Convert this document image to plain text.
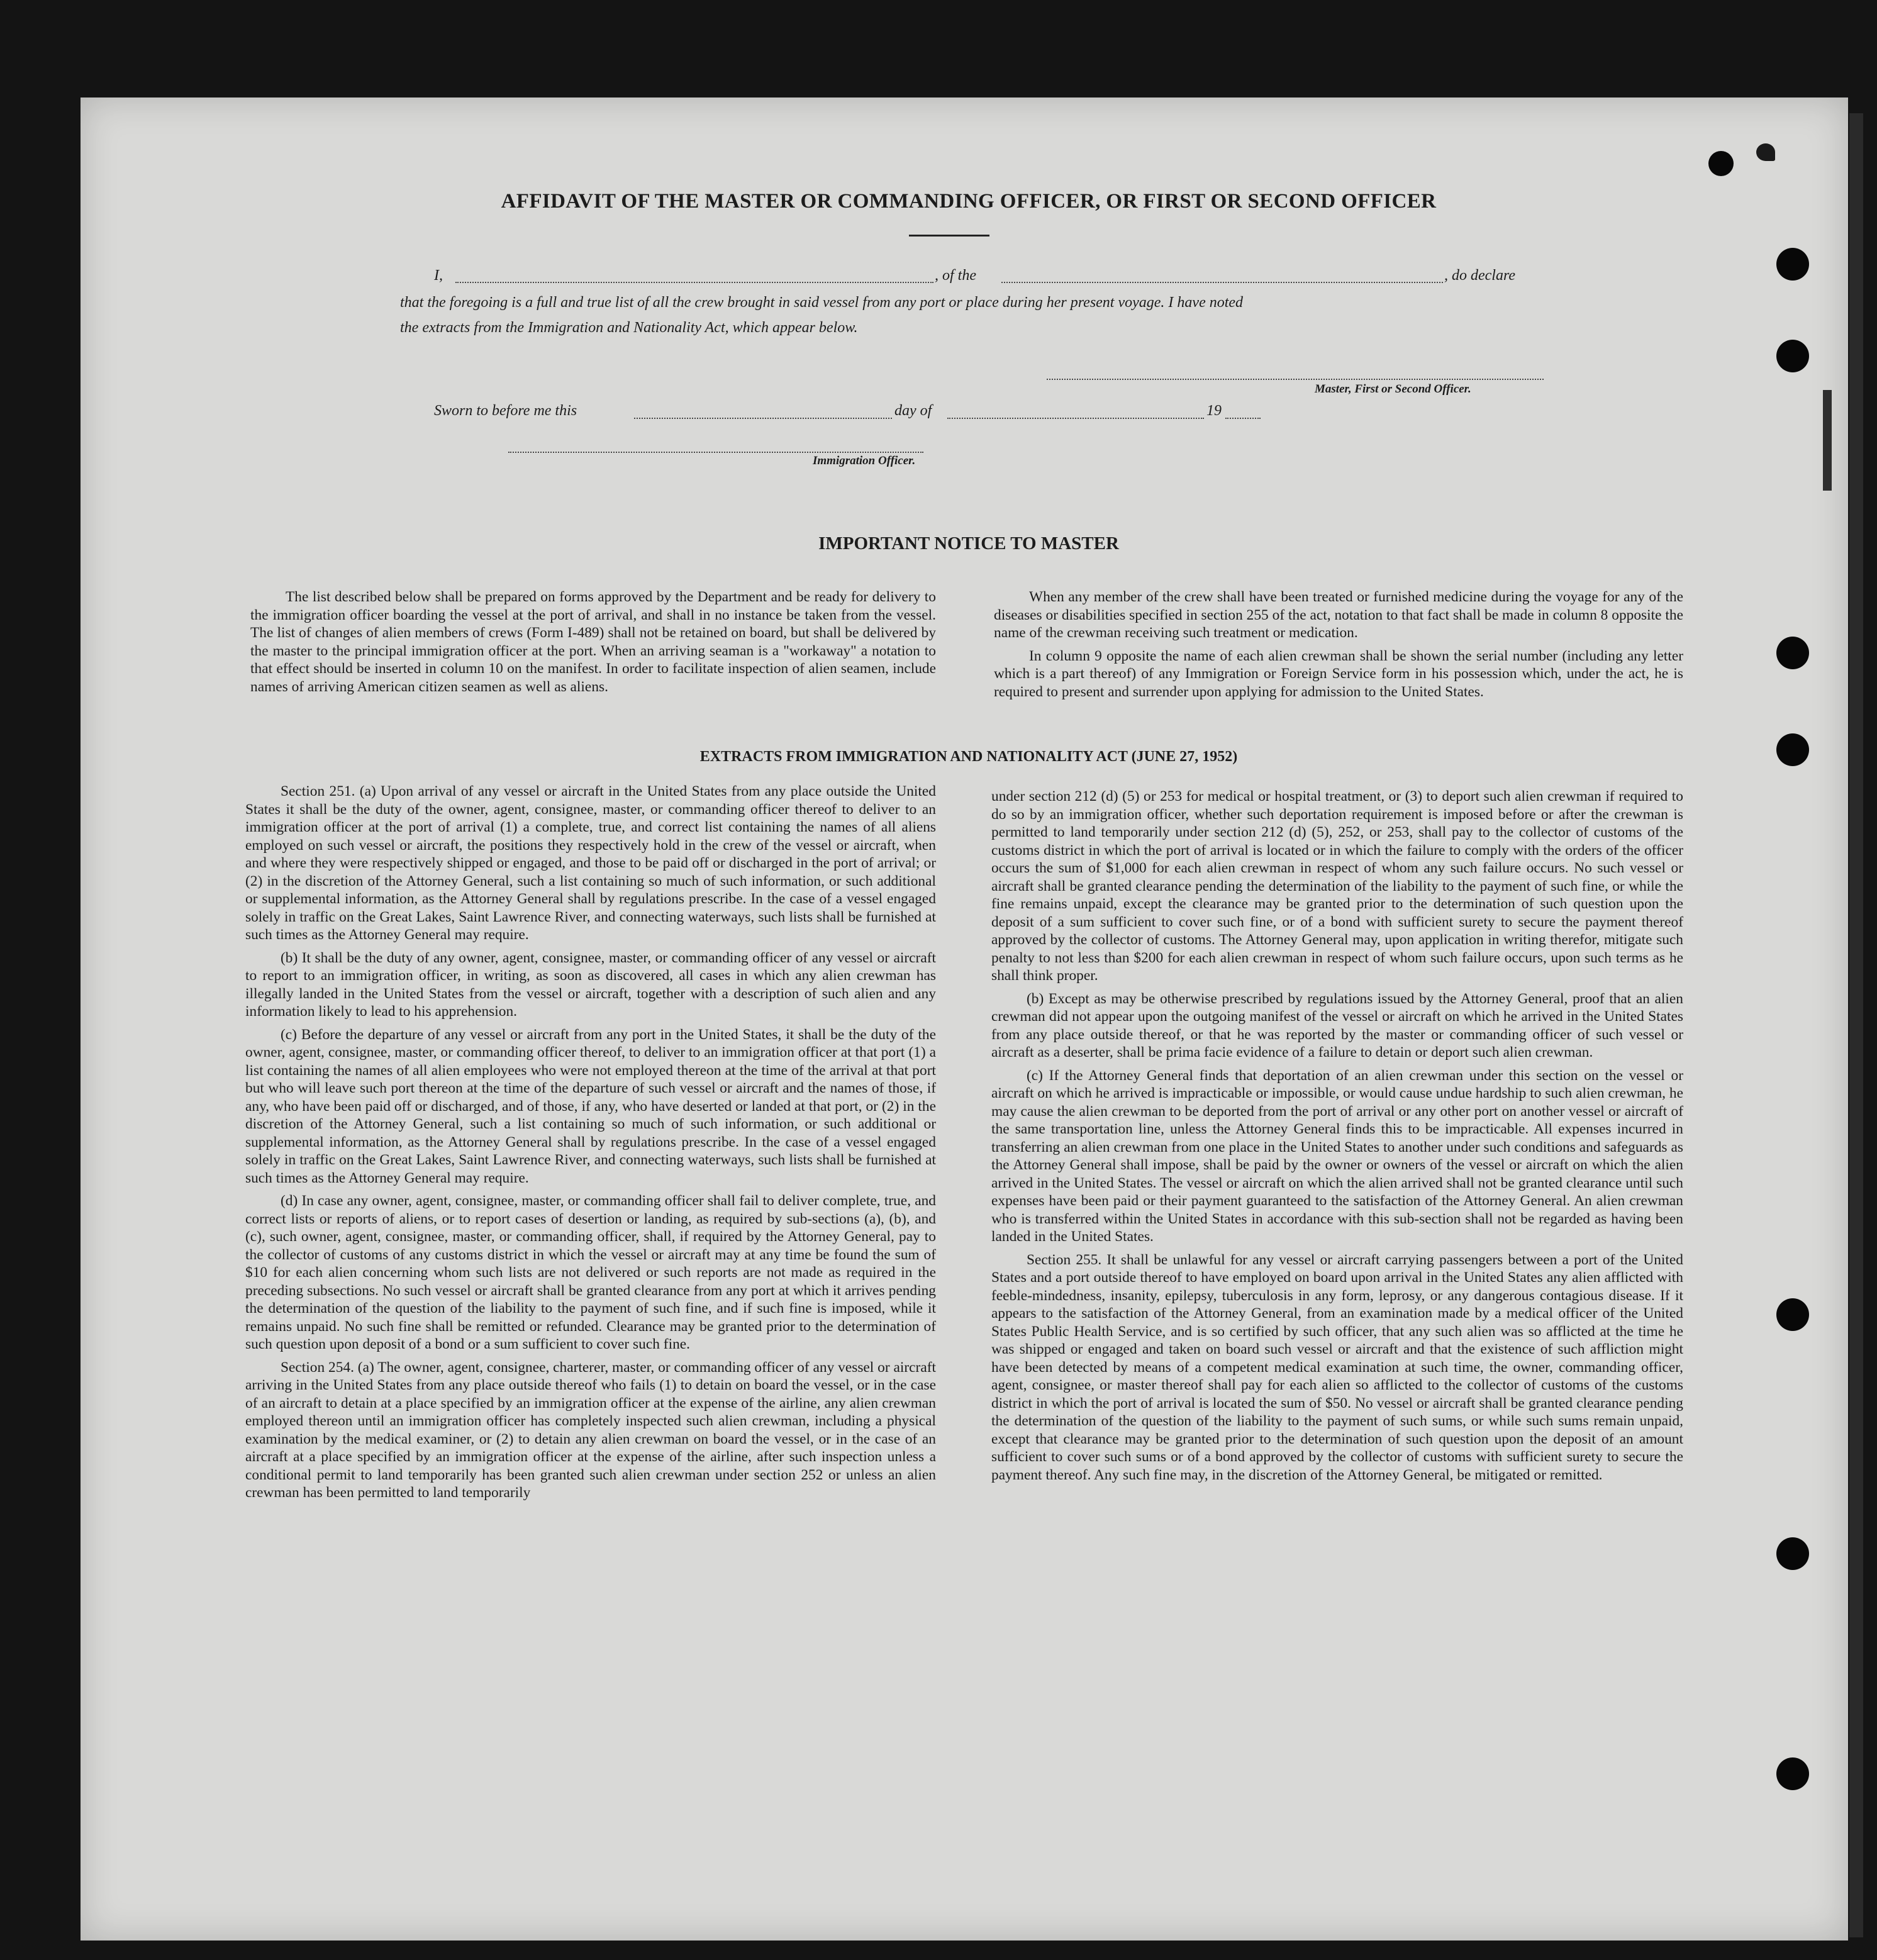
AFFIDAVIT OF THE MASTER OR COMMANDING OFFICER, OR FIRST OR SECOND OFFICER
I,	, of the	, do declare
that the foregoing is a full and true list of all the crew brought in said vessel from any port or place during her present voyage. I have noted
the extracts from the Immigration and Nationality Act, which appear below.
Master, First or Second Officer.
Sworn to before me this	day of	19
Immigration Officer.
IMPORTANT NOTICE TO MASTER

The list described below shall be prepared on forms approved by the Department and be ready for delivery to the immigration officer boarding the vessel at the port of arrival, and shall in no instance be taken from the vessel. The list of changes of alien members of crews (Form I-489) shall not be retained on board, but shall be delivered by the master to the principal immigration officer at the port. When an arriving seaman is a "workaway" a notation to that effect should be inserted in column 10 on the manifest. In order to facilitate inspection of alien seamen, include names of arriving American citizen seamen as well as aliens.

When any member of the crew shall have been treated or furnished medicine during the voyage for any of the diseases or disabilities specified in section 255 of the act, notation to that fact shall be made in column 8 opposite the name of the crewman receiving such treatment or medication.

In column 9 opposite the name of each alien crewman shall be shown the serial number (including any letter which is a part thereof) of any Immigration or Foreign Service form in his possession which, under the act, he is required to present and surrender upon applying for admission to the United States.

EXTRACTS FROM IMMIGRATION AND NATIONALITY ACT (JUNE 27, 1952)

Section 251. (a) Upon arrival of any vessel or aircraft in the United States from any place outside the United States it shall be the duty of the owner, agent, consignee, master, or commanding officer thereof to deliver to an immigration officer at the port of arrival (1) a complete, true, and correct list containing the names of all aliens employed on such vessel or aircraft, the positions they respectively hold in the crew of the vessel or aircraft, when and where they were respectively shipped or engaged, and those to be paid off or discharged in the port of arrival; or (2) in the discretion of the Attorney General, such a list containing so much of such information, or such additional or supplemental information, as the Attorney General shall by regulations prescribe. In the case of a vessel engaged solely in traffic on the Great Lakes, Saint Lawrence River, and connecting waterways, such lists shall be furnished at such times as the Attorney General may require.

(b) It shall be the duty of any owner, agent, consignee, master, or commanding officer of any vessel or aircraft to report to an immigration officer, in writing, as soon as discovered, all cases in which any alien crewman has illegally landed in the United States from the vessel or aircraft, together with a description of such alien and any information likely to lead to his apprehension.

(c) Before the departure of any vessel or aircraft from any port in the United States, it shall be the duty of the owner, agent, consignee, master, or commanding officer thereof, to deliver to an immigration officer at that port (1) a list containing the names of all alien employees who were not employed thereon at the time of the arrival at that port but who will leave such port thereon at the time of the departure of such vessel or aircraft and the names of those, if any, who have been paid off or discharged, and of those, if any, who have deserted or landed at that port, or (2) in the discretion of the Attorney General, such a list containing so much of such information, or such additional or supplemental information, as the Attorney General shall by regulations prescribe. In the case of a vessel engaged solely in traffic on the Great Lakes, Saint Lawrence River, and connecting waterways, such lists shall be furnished at such times as the Attorney General may require.

(d) In case any owner, agent, consignee, master, or commanding officer shall fail to deliver complete, true, and correct lists or reports of aliens, or to report cases of desertion or landing, as required by sub-sections (a), (b), and (c), such owner, agent, consignee, master, or commanding officer, shall, if required by the Attorney General, pay to the collector of customs of any customs district in which the vessel or aircraft may at any time be found the sum of $10 for each alien concerning whom such lists are not delivered or such reports are not made as required in the preceding subsections. No such vessel or aircraft shall be granted clearance from any port at which it arrives pending the determination of the question of the liability to the payment of such fine, and if such fine is imposed, while it remains unpaid. No such fine shall be remitted or refunded. Clearance may be granted prior to the determination of such question upon deposit of a bond or a sum sufficient to cover such fine.

Section 254. (a) The owner, agent, consignee, charterer, master, or commanding officer of any vessel or aircraft arriving in the United States from any place outside thereof who fails (1) to detain on board the vessel, or in the case of an aircraft to detain at a place specified by an immigration officer at the expense of the airline, any alien crewman employed thereon until an immigration officer has completely inspected such alien crewman, including a physical examination by the medical examiner, or (2) to detain any alien crewman on board the vessel, or in the case of an aircraft at a place specified by an immigration officer at the expense of the airline, after such inspection unless a conditional permit to land temporarily has been granted such alien crewman under section 252 or unless an alien crewman has been permitted to land temporarily

under section 212 (d) (5) or 253 for medical or hospital treatment, or (3) to deport such alien crewman if required to do so by an immigration officer, whether such deportation requirement is imposed before or after the crewman is permitted to land temporarily under section 212 (d) (5), 252, or 253, shall pay to the collector of customs of the customs district in which the port of arrival is located or in which the failure to comply with the orders of the officer occurs the sum of $1,000 for each alien crewman in respect of whom any such failure occurs. No such vessel or aircraft shall be granted clearance pending the determination of the liability to the payment of such fine, or while the fine remains unpaid, except the clearance may be granted prior to the determination of such question upon the deposit of a sum sufficient to cover such fine, or of a bond with sufficient surety to secure the payment thereof approved by the collector of customs. The Attorney General may, upon application in writing therefor, mitigate such penalty to not less than $200 for each alien crewman in respect of whom such failure occurs, upon such terms as he shall think proper.

(b) Except as may be otherwise prescribed by regulations issued by the Attorney General, proof that an alien crewman did not appear upon the outgoing manifest of the vessel or aircraft on which he arrived in the United States from any place outside thereof, or that he was reported by the master or commanding officer of such vessel or aircraft as a deserter, shall be prima facie evidence of a failure to detain or deport such alien crewman.

(c) If the Attorney General finds that deportation of an alien crewman under this section on the vessel or aircraft on which he arrived is impracticable or impossible, or would cause undue hardship to such alien crewman, he may cause the alien crewman to be deported from the port of arrival or any other port on another vessel or aircraft of the same transportation line, unless the Attorney General finds this to be impracticable. All expenses incurred in transferring an alien crewman from one place in the United States to another under such conditions and safeguards as the Attorney General shall impose, shall be paid by the owner or owners of the vessel or aircraft on which the alien arrived in the United States. The vessel or aircraft on which the alien arrived shall not be granted clearance until such expenses have been paid or their payment guaranteed to the satisfaction of the Attorney General. An alien crewman who is transferred within the United States in accordance with this sub-section shall not be regarded as having been landed in the United States.

Section 255. It shall be unlawful for any vessel or aircraft carrying passengers between a port of the United States and a port outside thereof to have employed on board upon arrival in the United States any alien afflicted with feeble-mindedness, insanity, epilepsy, tuberculosis in any form, leprosy, or any dangerous contagious disease. If it appears to the satisfaction of the Attorney General, from an examination made by a medical officer of the United States Public Health Service, and is so certified by such officer, that any such alien was so afflicted at the time he was shipped or engaged and taken on board such vessel or aircraft and that the existence of such affliction might have been detected by means of a competent medical examination at such time, the owner, commanding officer, agent, consignee, or master thereof shall pay for each alien so afflicted to the collector of customs of the customs district in which the port of arrival is located the sum of $50. No vessel or aircraft shall be granted clearance pending the determination of the question of the liability to the payment of such sums, or while such sums remain unpaid, except that clearance may be granted prior to the determination of such question upon the deposit of an amount sufficient to cover such sums or of a bond approved by the collector of customs with sufficient surety to secure the payment thereof. Any such fine may, in the discretion of the Attorney General, be mitigated or remitted.
